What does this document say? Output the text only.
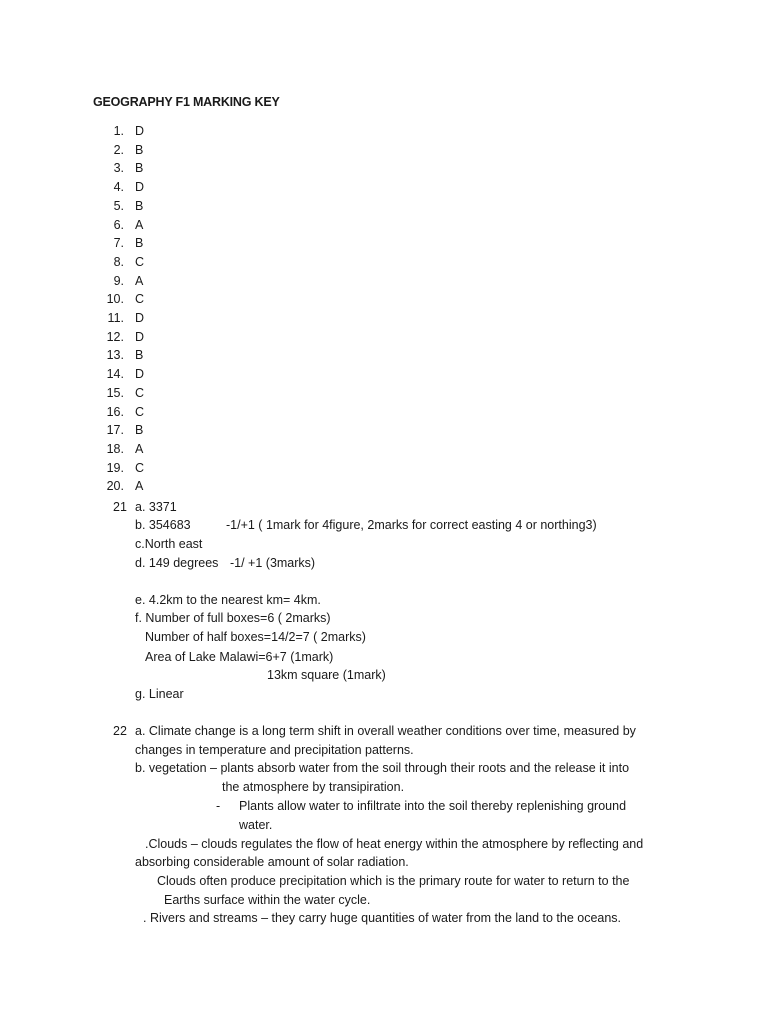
GEOGRAPHY F1 MARKING KEY
1. D
2. B
3. B
4. D
5. B
6. A
7. B
8. C
9. A
10. C
11. D
12. D
13. B
14. D
15. C
16. C
17. B
18. A
19. C
20. A
21 a. 3371
b. 354683	-1/+1 ( 1mark for 4figure, 2marks for correct easting 4 or northing3)
c.North east
d. 149 degrees -1/ +1 (3marks)
e. 4.2km to the nearest km= 4km.
f. Number of full boxes=6 ( 2marks)
Number of half boxes=14/2=7 ( 2marks)
Area of Lake Malawi=6+7 (1mark)
13km square (1mark)
g. Linear
22 a. Climate change is a long term shift in overall weather conditions over time, measured by
changes in temperature and precipitation patterns.
b. vegetation – plants absorb water from the soil through their roots and the release it into
the atmosphere by transipiration.
- Plants allow water to infiltrate into the soil thereby replenishing ground
water.
.Clouds – clouds regulates the flow of heat energy within the atmosphere by reflecting and
absorbing considerable amount of solar radiation.
Clouds often produce precipitation which is the primary route for water to return to the
Earths surface within the water cycle.
. Rivers and streams – they carry huge quantities of water from the land to the oceans.
